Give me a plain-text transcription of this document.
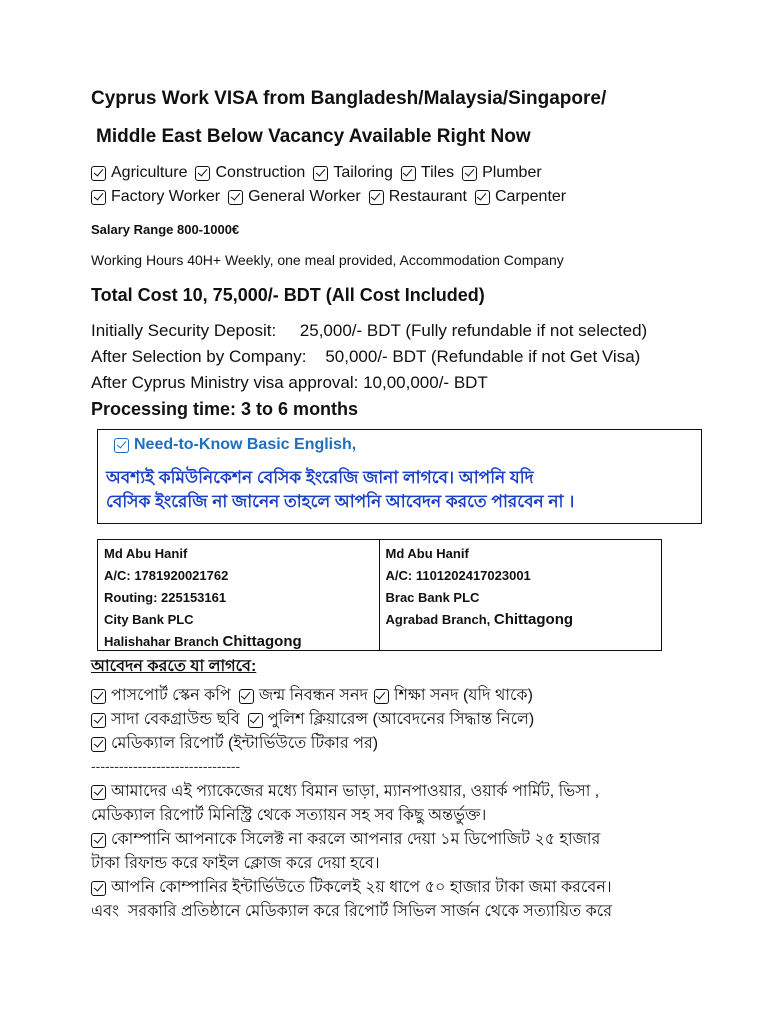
Cyprus Work VISA from Bangladesh/Malaysia/Singapore/
Middle East Below Vacancy Available Right Now
Agriculture Construction Tailoring Tiles Plumber
Factory Worker General Worker Restaurant Carpenter
Salary Range 800-1000€
Working Hours 40H+ Weekly, one meal provided, Accommodation Company
Total Cost 10, 75,000/- BDT (All Cost Included)
Initially Security Deposit:     25,000/- BDT (Fully refundable if not selected)
After Selection by Company:    50,000/- BDT (Refundable if not Get Visa)
After Cyprus Ministry visa approval: 10,00,000/- BDT
Processing time: 3 to 6 months
Need-to-Know Basic English,
অবশ্যই কমিউনিকেশন বেসিক ইংরেজি জানা লাগবে। আপনি যদি
বেসিক ইংরেজি না জানেন তাহলে আপনি আবেদন করতে পারবেন না ।
Md Abu Hanif
A/C: 1781920021762
Routing: 225153161
City Bank PLC
Halishahar Branch Chittagong
Md Abu Hanif
A/C: 1101202417023001
Brac Bank PLC
Agrabad Branch, Chittagong
আবেদন করতে যা লাগবে:
পাসপোর্ট স্কেন কপি জন্ম নিবন্ধন সনদ শিক্ষা সনদ (যদি থাকে)
সাদা বেকগ্রাউন্ড ছবি পুলিশ ক্লিয়ারেন্স (আবেদনের সিদ্ধান্ত নিলে)
মেডিক্যাল রিপোর্ট (ইন্টার্ভিউতে টিকার পর)
--------------------------------
আমাদের এই প্যাকেজের মধ্যে বিমান ভাড়া, ম্যানপাওয়ার, ওয়ার্ক পার্মিট, ভিসা ,
মেডিক্যাল রিপোর্ট মিনিস্ট্রি থেকে সত্যায়ন সহ সব কিছু অন্তর্ভুক্ত।
কোম্পানি আপনাকে সিলেক্ট না করলে আপনার দেয়া ১ম ডিপোজিট ২৫ হাজার
টাকা রিফান্ড করে ফাইল ক্লোজ করে দেয়া হবে।
আপনি কোম্পানির ইন্টার্ভিউতে টিকলেই ২য় ধাপে ৫০ হাজার টাকা জমা করবেন।
এবং  সরকারি প্রতিষ্ঠানে মেডিক্যাল করে রিপোর্ট সিভিল সার্জন থেকে সত্যায়িত করে
